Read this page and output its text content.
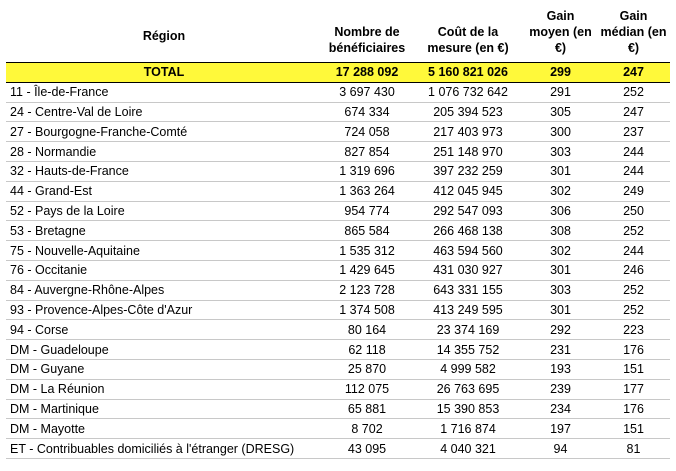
Région	Nombre de bénéficiaires	Coût de la mesure (en €)	Gain moyen (en €)	Gain médian (en €)
TOTAL	17 288 092	5 160 821 026	299	247
11 - Île-de-France	3 697 430	1 076 732 642	291	252
24 - Centre-Val de Loire	674 334	205 394 523	305	247
27 - Bourgogne-Franche-Comté	724 058	217 403 973	300	237
28 - Normandie	827 854	251 148 970	303	244
32 - Hauts-de-France	1 319 696	397 232 259	301	244
44 - Grand-Est	1 363 264	412 045 945	302	249
52 - Pays de la Loire	954 774	292 547 093	306	250
53 - Bretagne	865 584	266 468 138	308	252
75 - Nouvelle-Aquitaine	1 535 312	463 594 560	302	244
76 - Occitanie	1 429 645	431 030 927	301	246
84 - Auvergne-Rhône-Alpes	2 123 728	643 331 155	303	252
93 - Provence-Alpes-Côte d'Azur	1 374 508	413 249 595	301	252
94 - Corse	80 164	23 374 169	292	223
DM - Guadeloupe	62 118	14 355 752	231	176
DM - Guyane	25 870	4 999 582	193	151
DM - La Réunion	112 075	26 763 695	239	177
DM - Martinique	65 881	15 390 853	234	176
DM - Mayotte	8 702	1 716 874	197	151
ET - Contribuables domiciliés à l'étranger (DRESG)	43 095	4 040 321	94	81
